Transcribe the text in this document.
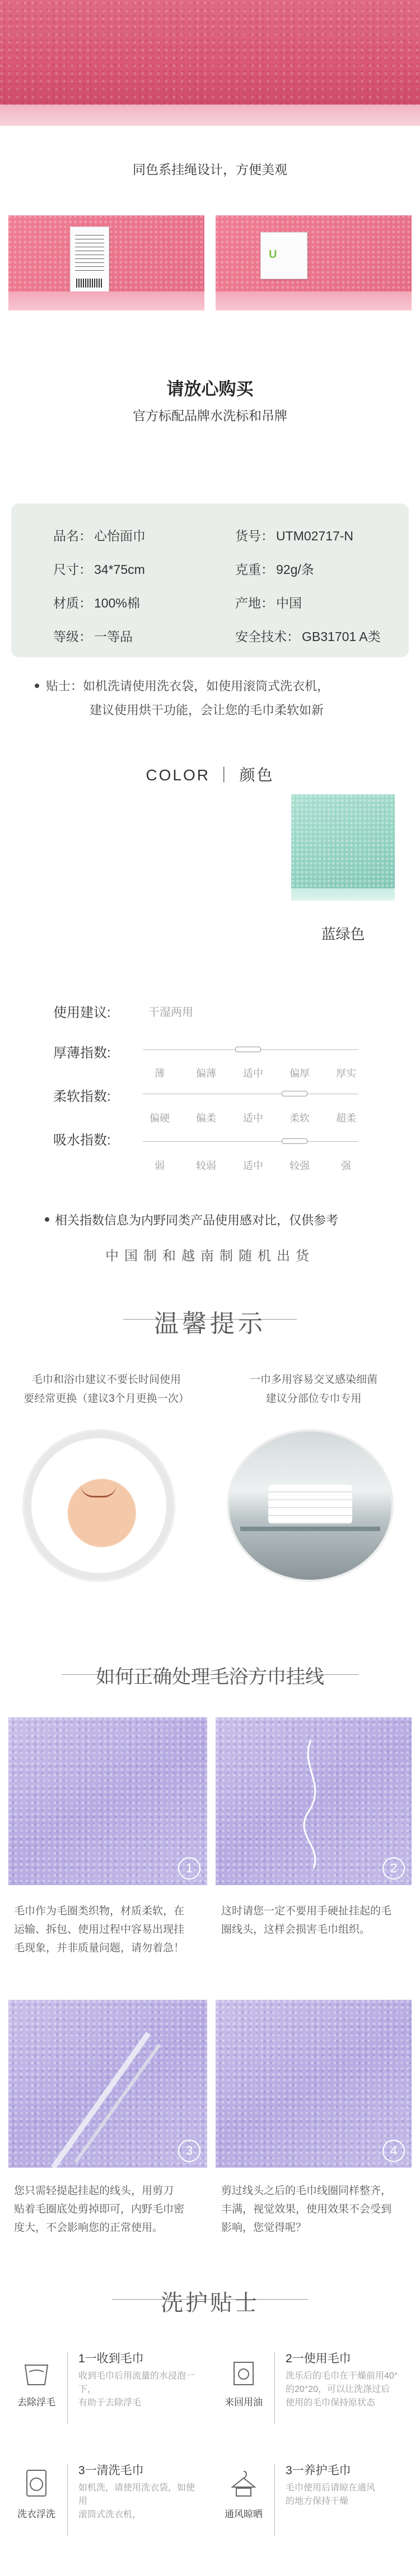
同色系挂绳设计，方便美观
U
请放心购买
官方标配品牌水洗标和吊牌
品名： 心怡面巾	货号： UTM02717-N
尺寸： 34*75cm	克重： 92g/条
材质： 100%棉	产地： 中国
等级： 一等品	安全技术： GB31701 A类
贴士：如机洗请使用洗衣袋，如使用滚筒式洗衣机，
建议使用烘干功能，会让您的毛巾柔软如新
COLOR ｜ 颜色
蓝绿色
使用建议:	干湿两用
厚薄指数:
薄	偏薄	适中	偏厚	厚实
柔软指数:
偏硬	偏柔	适中	柔软	超柔
吸水指数:
弱	较弱	适中	较强	强
相关指数信息为内野同类产品使用感对比，仅供参考
中国制和越南制随机出货
温馨提示
毛巾和浴巾建议不要长时间使用
要经常更换（建议3个月更换一次）
一巾多用容易交叉感染细菌
建议分部位专巾专用
如何正确处理毛浴方巾挂线
1	2
毛巾作为毛圈类织物，材质柔软，在
运输、拆包、使用过程中容易出现挂
毛现象，并非质量问题，请勿着急！
这时请您一定不要用手硬扯挂起的毛
圈线头，这样会损害毛巾组织。
3	4
您只需轻提起挂起的线头，用剪刀
贴着毛圈底处剪掉即可，内野毛巾密
度大，不会影响您的正常使用。
剪过线头之后的毛巾线圈同样整齐，
丰满，视觉效果，使用效果不会受到
影响，您觉得呢？
洗护贴士
去除浮毛
1一收到毛巾
收到毛巾后用流量的水浸泡一下，
有助于去除浮毛	来回用油
2一使用毛巾
洗乐后的毛巾在干燥前用40°
的20°20，可以让洗涤过后
使用的毛巾保持原状态
洗衣浮洗
3一清洗毛巾
如机洗，请使用洗衣袋，如使用
滚筒式洗衣机，	通风晾晒
3一养护毛巾
毛巾使用后请晾在通风
的地方保持干燥
